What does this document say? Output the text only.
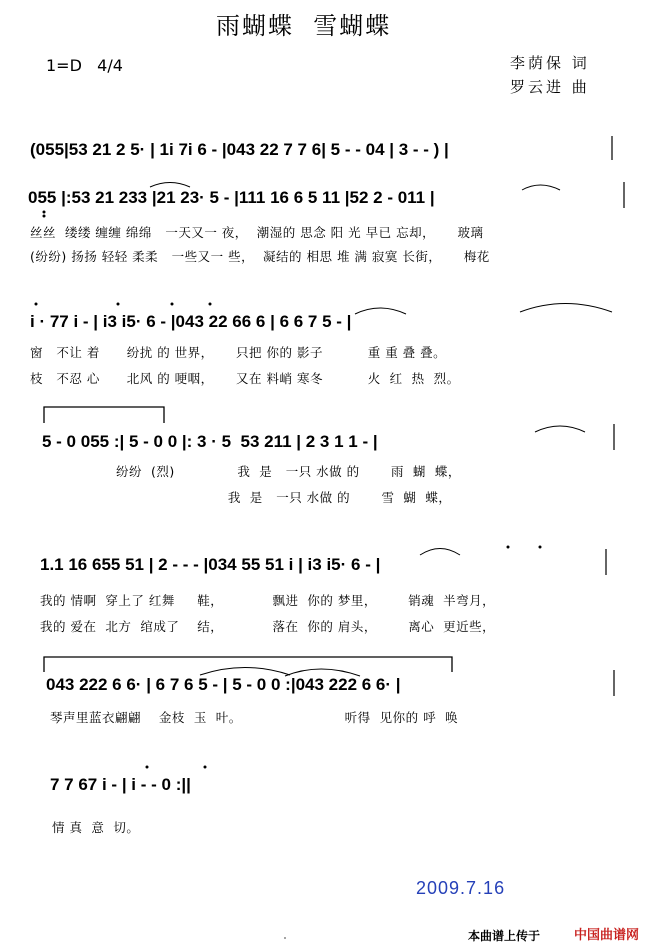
雨蝴蝶  雪蝴蝶
1=D   4/4	李荫保 词
罗云进 曲
(055|53 21 2 5· | 1i 7i 6 - |043 22 7 7 6| 5 - - 04 | 3 - - ) |
055 |:53 21 233 |21 23· 5 - |111 16 6 5 11 |52 2 - 011 |
丝丝  缕缕 缠缠 绵绵   一天又一 夜，  潮湿的 思念 阳 光 早已 忘却，     玻璃
(纷纷) 扬扬 轻轻 柔柔   一些又一 些，  凝结的 相思 堆 满 寂寞 长街，     梅花
i · 77 i - | i3 i5· 6 - |043 22 66 6 | 6 6 7 5 - |
窗   不让 着      纷扰 的 世界，     只把 你的 影子          重 重 叠 叠。
枝   不忍 心      北风 的 哽咽，     又在 料峭 寒冬          火  红  热  烈。
5 - 0 055 :| 5 - 0 0 |: 3 · 5  53 211 | 2 3 1 1 - |
纷纷  (烈)              我  是   一只 水做 的       雨  蝴  蝶，
我  是   一只 水做 的       雪  蝴  蝶，
1.1 16 655 51 | 2 - - - |034 55 51 i | i3 i5· 6 - |
我的 情啊  穿上了 红舞     鞋，           飘进  你的 梦里，       销魂  半弯月，
我的 爱在  北方  绾成了    结，           落在  你的 肩头，       离心  更近些，
043 222 6 6· | 6 7 6 5 - | 5 - 0 0 :|043 222 6 6· |
琴声里蓝衣翩翩    金枝  玉  叶。                       听得  见你的 呼  唤
7 7 67 i - | i - - 0 :||
情 真  意  切。
2009.7.16
本曲谱上传于	中国曲谱网
